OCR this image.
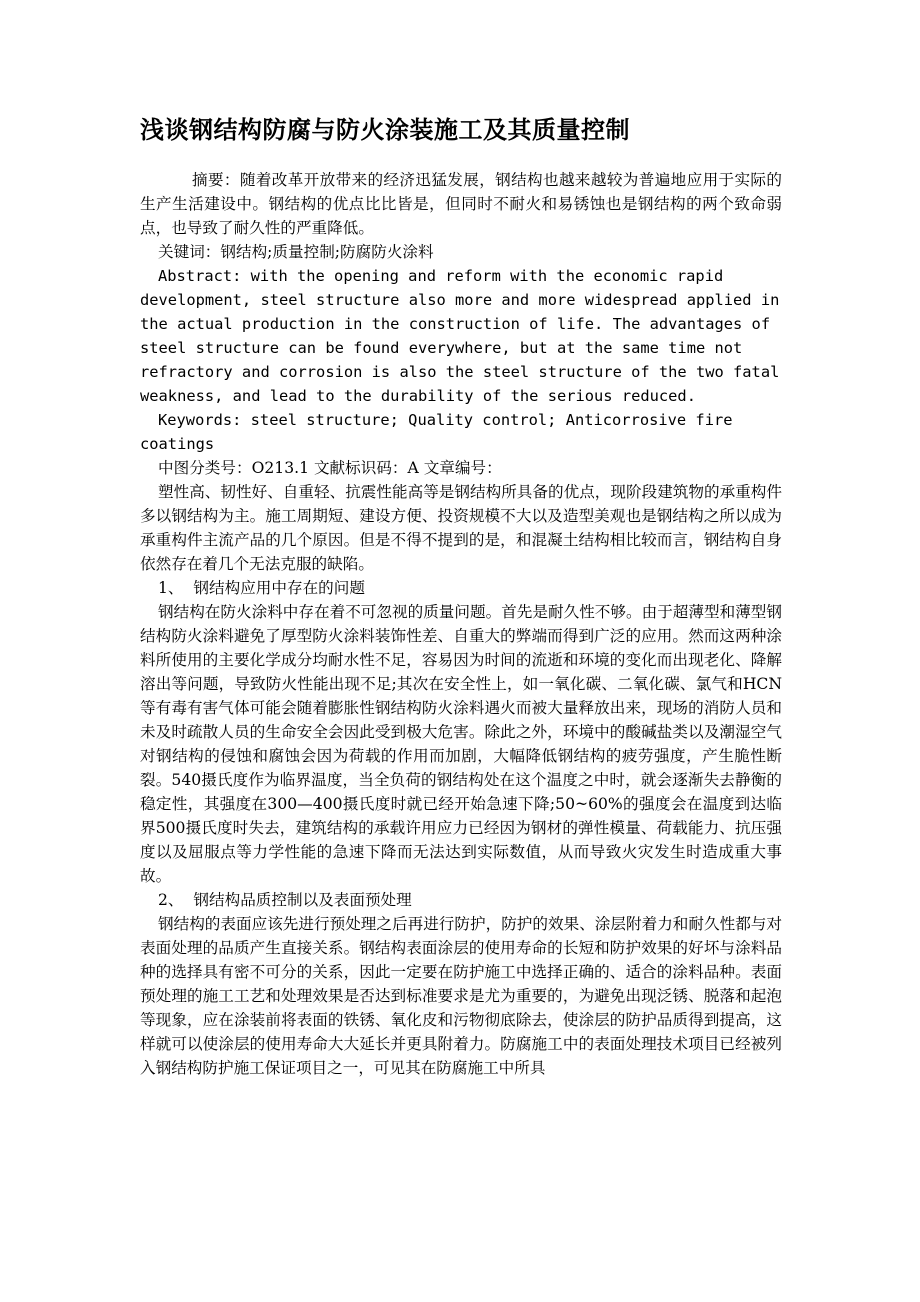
浅谈钢结构防腐与防火涂装施工及其质量控制

摘要：随着改革开放带来的经济迅猛发展，钢结构也越来越较为普遍地应用于实际的生产生活建设中。钢结构的优点比比皆是，但同时不耐火和易锈蚀也是钢结构的两个致命弱点，也导致了耐久性的严重降低。

关键词：钢结构;质量控制;防腐防火涂料

Abstract: with the opening and reform with the economic rapid development, steel structure also more and more widespread applied in the actual production in the construction of life. The advantages of steel structure can be found everywhere, but at the same time not refractory and corrosion is also the steel structure of the two fatal weakness, and lead to the durability of the serious reduced.

Keywords: steel structure; Quality control; Anticorrosive fire coatings

中图分类号：O213.1 文献标识码：A 文章编号：

塑性高、韧性好、自重轻、抗震性能高等是钢结构所具备的优点，现阶段建筑物的承重构件多以钢结构为主。施工周期短、建设方便、投资规模不大以及造型美观也是钢结构之所以成为承重构件主流产品的几个原因。但是不得不提到的是，和混凝土结构相比较而言，钢结构自身依然存在着几个无法克服的缺陷。

1、  钢结构应用中存在的问题

钢结构在防火涂料中存在着不可忽视的质量问题。首先是耐久性不够。由于超薄型和薄型钢结构防火涂料避免了厚型防火涂料装饰性差、自重大的弊端而得到广泛的应用。然而这两种涂料所使用的主要化学成分均耐水性不足，容易因为时间的流逝和环境的变化而出现老化、降解溶出等问题，导致防火性能出现不足;其次在安全性上，如一氧化碳、二氧化碳、氯气和HCN等有毒有害气体可能会随着膨胀性钢结构防火涂料遇火而被大量释放出来，现场的消防人员和未及时疏散人员的生命安全会因此受到极大危害。除此之外，环境中的酸碱盐类以及潮湿空气对钢结构的侵蚀和腐蚀会因为荷载的作用而加剧，大幅降低钢结构的疲劳强度，产生脆性断裂。540摄氏度作为临界温度，当全负荷的钢结构处在这个温度之中时，就会逐渐失去静衡的稳定性，其强度在300—400摄氏度时就已经开始急速下降;50~60%的强度会在温度到达临界500摄氏度时失去，建筑结构的承载许用应力已经因为钢材的弹性模量、荷载能力、抗压强度以及屈服点等力学性能的急速下降而无法达到实际数值，从而导致火灾发生时造成重大事故。

2、  钢结构品质控制以及表面预处理

钢结构的表面应该先进行预处理之后再进行防护，防护的效果、涂层附着力和耐久性都与对表面处理的品质产生直接关系。钢结构表面涂层的使用寿命的长短和防护效果的好坏与涂料品种的选择具有密不可分的关系，因此一定要在防护施工中选择正确的、适合的涂料品种。表面预处理的施工工艺和处理效果是否达到标准要求是尤为重要的，为避免出现泛锈、脱落和起泡等现象，应在涂装前将表面的铁锈、氧化皮和污物彻底除去，使涂层的防护品质得到提高，这样就可以使涂层的使用寿命大大延长并更具附着力。防腐施工中的表面处理技术项目已经被列入钢结构防护施工保证项目之一，可见其在防腐施工中所具
